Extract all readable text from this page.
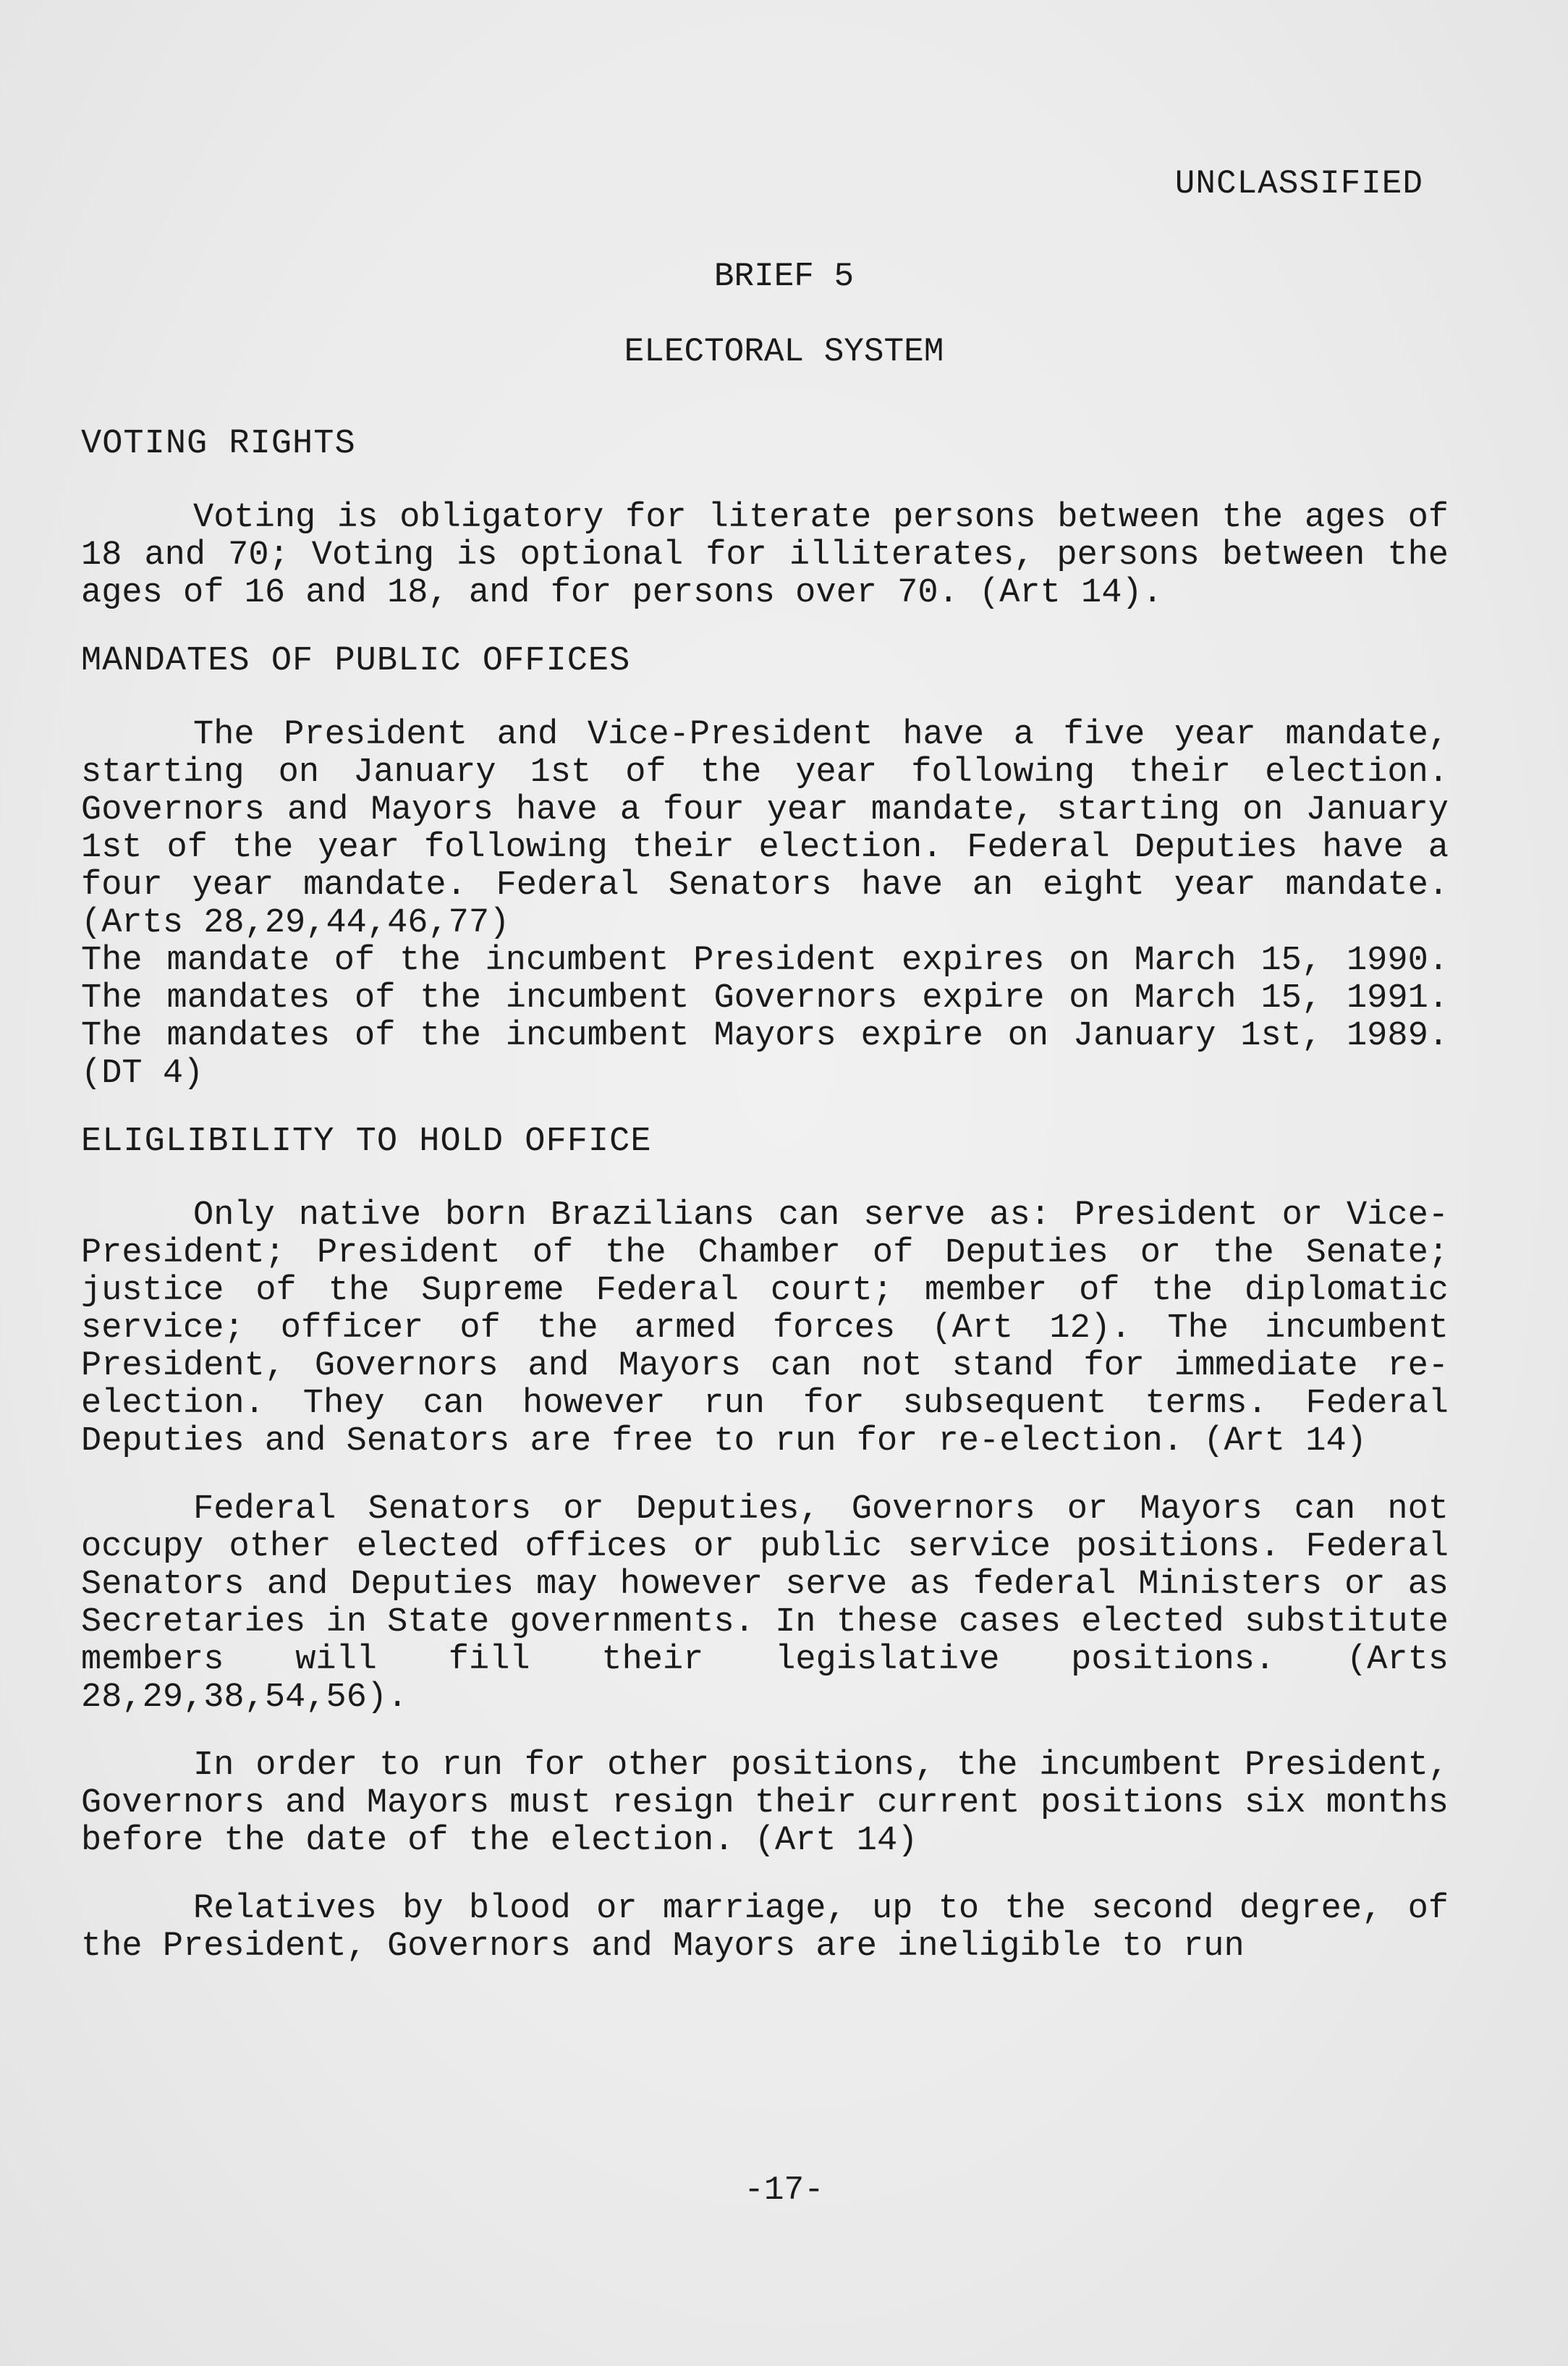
UNCLASSIFIED
BRIEF 5
ELECTORAL SYSTEM
VOTING RIGHTS

Voting is obligatory for literate persons between the ages of 18 and 70; Voting is optional for illiterates, persons between the ages of 16 and 18, and for persons over 70. (Art 14).

MANDATES OF PUBLIC OFFICES

The President and Vice-President have a five year mandate, starting on January 1st of the year following their election. Governors and Mayors have a four year mandate, starting on January 1st of the year following their election. Federal Deputies have a four year mandate. Federal Senators have an eight year mandate. (Arts 28,29,44,46,77)

The mandate of the incumbent President expires on March 15, 1990. The mandates of the incumbent Governors expire on March 15, 1991. The mandates of the incumbent Mayors expire on January 1st, 1989. (DT 4)

ELIGLIBILITY TO HOLD OFFICE

Only native born Brazilians can serve as: President or Vice-President; President of the Chamber of Deputies or the Senate; justice of the Supreme Federal court; member of the diplomatic service; officer of the armed forces (Art 12). The incumbent President, Governors and Mayors can not stand for immediate re-election. They can however run for subsequent terms. Federal Deputies and Senators are free to run for re-election. (Art 14)

Federal Senators or Deputies, Governors or Mayors can not occupy other elected offices or public service positions. Federal Senators and Deputies may however serve as federal Ministers or as Secretaries in State governments. In these cases elected substitute members will fill their legislative positions. (Arts 28,29,38,54,56).

In order to run for other positions, the incumbent President, Governors and Mayors must resign their current positions six months before the date of the election. (Art 14)

Relatives by blood or marriage, up to the second degree, of the President, Governors and Mayors are ineligible to run

-17-
